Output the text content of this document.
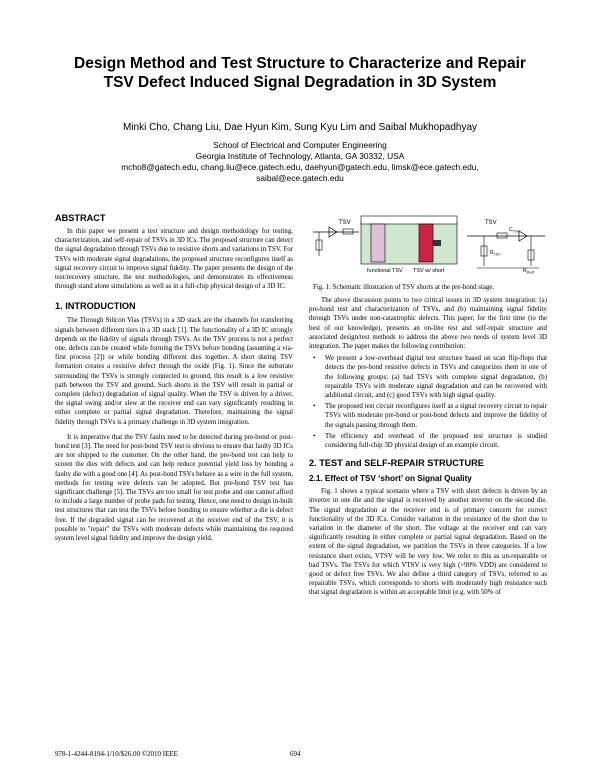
Design Method and Test Structure to Characterize and Repair TSV Defect Induced Signal Degradation in 3D System
Minki Cho, Chang Liu, Dae Hyun Kim, Sung Kyu Lim and Saibal Mukhopadhyay
School of Electrical and Computer Engineering
Georgia Institute of Technology, Atlanta, GA 30332, USA
mcho8@gatech.edu, chang.liu@ece.gatech.edu, daehyun@gatech.edu, limsk@ece.gatech.edu,
saibal@ece.gatech.edu
ABSTRACT

In this paper we present a test structure and design methodology for testing, characterization, and self-repair of TSVs in 3D ICs. The proposed structure can detect the signal degradation through TSVs due to resistive shorts and variations in TSV. For TSVs with moderate signal degradations, the proposed structure reconfigures itself as signal recovery circuit to improve signal fidelity. The paper presents the design of the test/recovery structure, the test methodologies, and demonstrates its effectiveness through stand alone simulations as well as in a full-chip physical design of a 3D IC.

1. INTRODUCTION

The Through Silicon Vias (TSVs) in a 3D stack are the channels for transferring signals between different tiers in a 3D stack [1]. The functionality of a 3D IC strongly depends on the fidelity of signals through TSVs. As the TSV process is not a perfect one, defects can be created while forming the TSVs before bonding (assuming a via-first process [2]) or while bonding different dies together. A short during TSV formation creates a resistive defect through the oxide (Fig. 1). Since the substrate surrounding the TSVs is strongly connected to ground, this result is a low resistive path between the TSV and ground. Such shorts in the TSV will result in partial or complete (defect) degradation of signal quality. When the TSV is driven by a driver, the signal swing and/or slew at the receiver end can vary significantly resulting in either complete or partial signal degradation. Therefore, maintaining the signal fidelity through TSVs is a primary challenge in 3D system integration.

It is imperative that the TSV faults need to be detected during pre-bond or post-bond test [3]. The need for post-bond TSV test is obvious to ensure that faulty 3D ICs are not shipped to the customer. On the other hand, the pre-bond test can help to screen the dies with defects and can help reduce potential yield loss by bonding a faulty die with a good one [4]. As post-bond TSVs behave as a wire in the full system, methods for testing wire defects can be adopted. But pre-bond TSV test has significant challenge [5]. The TSVs are too small for test probe and one cannot afford to include a large number of probe pads for testing. Hence, one need to design in-built test structures that can test the TSVs before bonding to ensure whether a die is defect free. If the degraded signal can be recovered at the receiver end of the TSV, it is possible to "repair" the TSVs with moderate defects while maintaining the required system level signal fidelity and improve the design yield.

TSV	TSV
functional TSV TSV w/ short
$R_{TSV}$
$C_{TSV}$
$R_{short}$
Fig. 1: Schematic illustration of TSV shorts at the pre-bond stage.

The above discussion points to two critical issues in 3D system integration: (a) pre-bond test and characterization of TSVs, and (b) maintaining signal fidelity through TSVs under non-catastrophic defects. This paper, for the first time (to the best of our knowledge), presents an on-line test and self-repair structure and associated design/test methods to address the above two needs of system level 3D integration. The paper makes the following contribution:

• We present a low-overhead digital test structure based on scan flip-flops that detects the pre-bond resistive defects in TSVs and categorizes them in one of the following groups: (a) bad TSVs with complete signal degradation, (b) repairable TSVs with moderate signal degradation and can be recovered with additional circuit, and (c) good TSVs with high signal quality.
• The proposed test circuit reconfigures itself as a signal recovery circuit to repair TSVs with moderate pre-bond or post-bond defects and improve the fidelity of the signals passing through them.
• The efficiency and overhead of the proposed test structure is studied considering full-chip 3D physical design of an example circuit.
2. TEST and SELF-REPAIR STRUCTURE
2.1. Effect of TSV ‘short’ on Signal Quality

Fig. 1 shows a typical scenario where a TSV with short defects is driven by an inverter in one die and the signal is received by another inverter on the second die. The signal degradation at the receiver end is of primary concern for correct functionality of the 3D ICs. Consider variation in the resistance of the short due to variation in the diameter of the short. The voltage at the receiver end can vary significantly resulting in either complete or partial signal degradation. Based on the extent of the signal degradation, we partition the TSVs in three categories. If a low resistance short exists, VTSV will be very low. We refer to this as un-repairable or bad TSVs. The TSVs for which VTSV is very high (>90% VDD) are considered to good or defect free TSVs. We also define a third category of TSVs, referred to as repairable TSVs, which corresponds to shorts with moderately high resistance such that signal degradation is within an acceptable limit (e.g. with 50% of

978-1-4244-8194-1/10/$26.00 ©2010 IEEE	694
